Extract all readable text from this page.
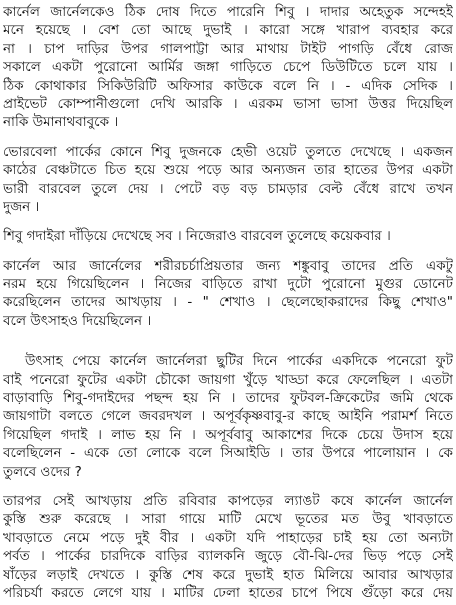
কার্নেল জার্নেলকেও ঠিক দোষ দিতে পারেনি শিবু । দাদার অহেতুক সন্দেহই
মনে হয়েছে । বেশ তো আছে দুভাই । কারো সঙ্গে খারাপ ব্যবহার করে
না । চাপ দাড়ির উপর গালপাট্টা আর মাথায় টাইট পাগড়ি বেঁধে রোজ
সকালে একটা পুরোনো আর্মির জঙ্গা গাড়িতে চেপে ডিউটিতে চলে যায় ।
ঠিক কোথাকার সিকিউরিটি অফিসার কাউকে বলে নি । - এদিক সেদিক ।
প্রাইভেট কোম্পানীগুলো দেখি আরকি । এরকম ভাসা ভাসা উত্তর দিয়েছিল
নাকি উমানাথবাবুকে ।
ভোরবেলা পার্কের কোনে শিবু দুজনকে হেভী ওয়েট তুলতে দেখেছে । একজন
কাঠের বেঞ্চটাতে চিত হয়ে শুয়ে পড়ে আর অন্যজন তার হাতের উপর একটা
ভারী বারবেল তুলে দেয় । পেটে বড় বড় চামড়ার বেল্ট বেঁধে রাখে তখন
দুজন ।
শিবু গদাইরা দাঁড়িয়ে দেখেছে সব । নিজেরাও বারবেল তুলেছে কয়েকবার ।
কার্নেল আর জার্নেলের শরীরচর্চাপ্রিয়তার জন্য শঙ্কুবাবু তাদের প্রতি একটু
নরম হয়ে গিয়েছিলেন । নিজের বাড়িতে রাখা দুটো পুরোনো মুগুর ডোনেট
করেছিলেন তাদের আখড়ায় । - " শেখাও । ছেলেছোকরাদের কিছু শেখাও"
বলে উৎসাহও দিয়েছিলেন ।
উৎসাহ পেয়ে কার্নেল জার্নেলরা ছুটির দিনে পার্কের একদিকে পনেরো ফুট
বাই পনেরো ফুটের একটা চৌকো জায়গা খুঁড়ে খাড্ডা করে ফেলেছিল । এতটা
বাড়াবাড়ি শিবু-গদাইদের পছন্দ হয় নি । তাদের ফুটবল-ক্রিকেটের জমি থেকে
জায়গাটা বলতে গেলে জবরদখল । অপূর্বকৃষ্ণবাবু-র কাছে আইনি পরামর্শ নিতে
গিয়েছিল গদাই । লাভ হয় নি । অপূর্ববাবু আকাশের দিকে চেয়ে উদাস হয়ে
বলেছিলেন - একে তো লোকে বলে সিআইডি । তার উপরে পালোয়ান । কে
তুলবে ওদের ?
তারপর সেই আখড়ায় প্রতি রবিবার কাপড়ের ল্যাঙট কষে কার্নেল জার্নেল
কুস্তি শুরু করেছে । সারা গায়ে মাটি মেখে ভূতের মত উবু খাবড়াতে
খাবড়াতে নেমে পড়ে দুই বীর । একটা যদি পাহাড়ের চাই হয় তো অন্যটা
পর্বত । পার্কের চারদিকে বাড়ির ব্যালকনি জুড়ে বৌ-ঝি-দের ভিড় পড়ে সেই
ষাঁড়ের লড়াই দেখতে । কুস্তি শেষ করে দুভাই হাত মিলিয়ে আবার আখড়ার
পরিচর্যা করতে লেগে যায় । মাটির ঢেলা হাতের চাপে পিষে গুঁড়ো করে দেয়
